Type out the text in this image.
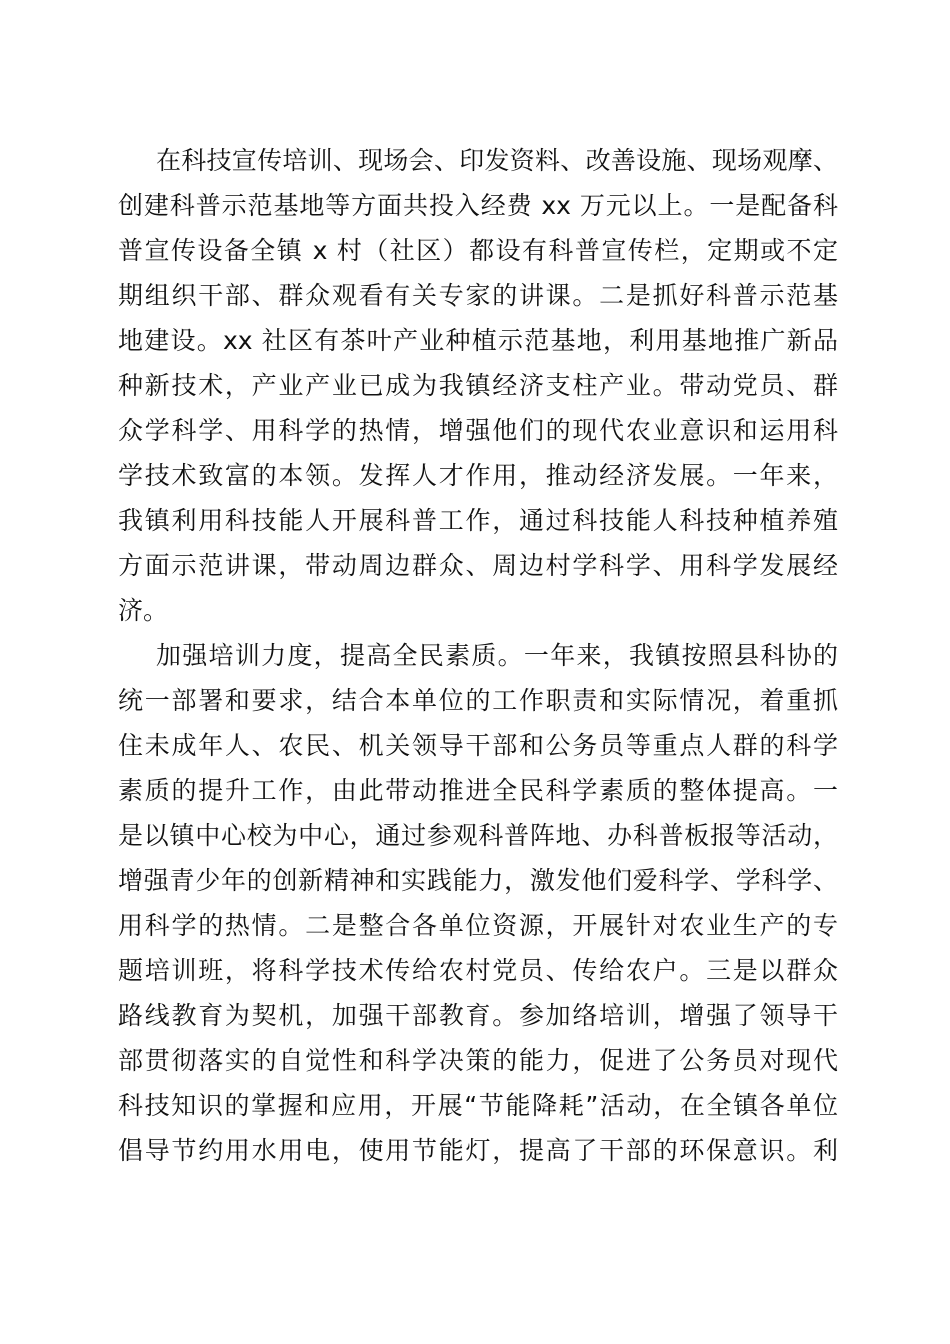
在科技宣传培训、现场会、印发资料、改善设施、现场观摩、

创建科普示范基地等方面共投入经费 xx 万元以上。一是配备科

普宣传设备全镇 x 村（社区）都设有科普宣传栏，定期或不定

期组织干部、群众观看有关专家的讲课。二是抓好科普示范基

地建设。xx 社区有茶叶产业种植示范基地，利用基地推广新品

种新技术，产业产业已成为我镇经济支柱产业。带动党员、群

众学科学、用科学的热情，增强他们的现代农业意识和运用科

学技术致富的本领。发挥人才作用，推动经济发展。一年来，

我镇利用科技能人开展科普工作，通过科技能人科技种植养殖

方面示范讲课，带动周边群众、周边村学科学、用科学发展经

济。

加强培训力度，提高全民素质。一年来，我镇按照县科协的

统一部署和要求，结合本单位的工作职责和实际情况，着重抓

住未成年人、农民、机关领导干部和公务员等重点人群的科学

素质的提升工作，由此带动推进全民科学素质的整体提高。一

是以镇中心校为中心，通过参观科普阵地、办科普板报等活动，

增强青少年的创新精神和实践能力，激发他们爱科学、学科学、

用科学的热情。二是整合各单位资源，开展针对农业生产的专

题培训班，将科学技术传给农村党员、传给农户。三是以群众

路线教育为契机，加强干部教育。参加络培训，增强了领导干

部贯彻落实的自觉性和科学决策的能力，促进了公务员对现代

科技知识的掌握和应用，开展“节能降耗”活动，在全镇各单位

倡导节约用水用电，使用节能灯，提高了干部的环保意识。利
